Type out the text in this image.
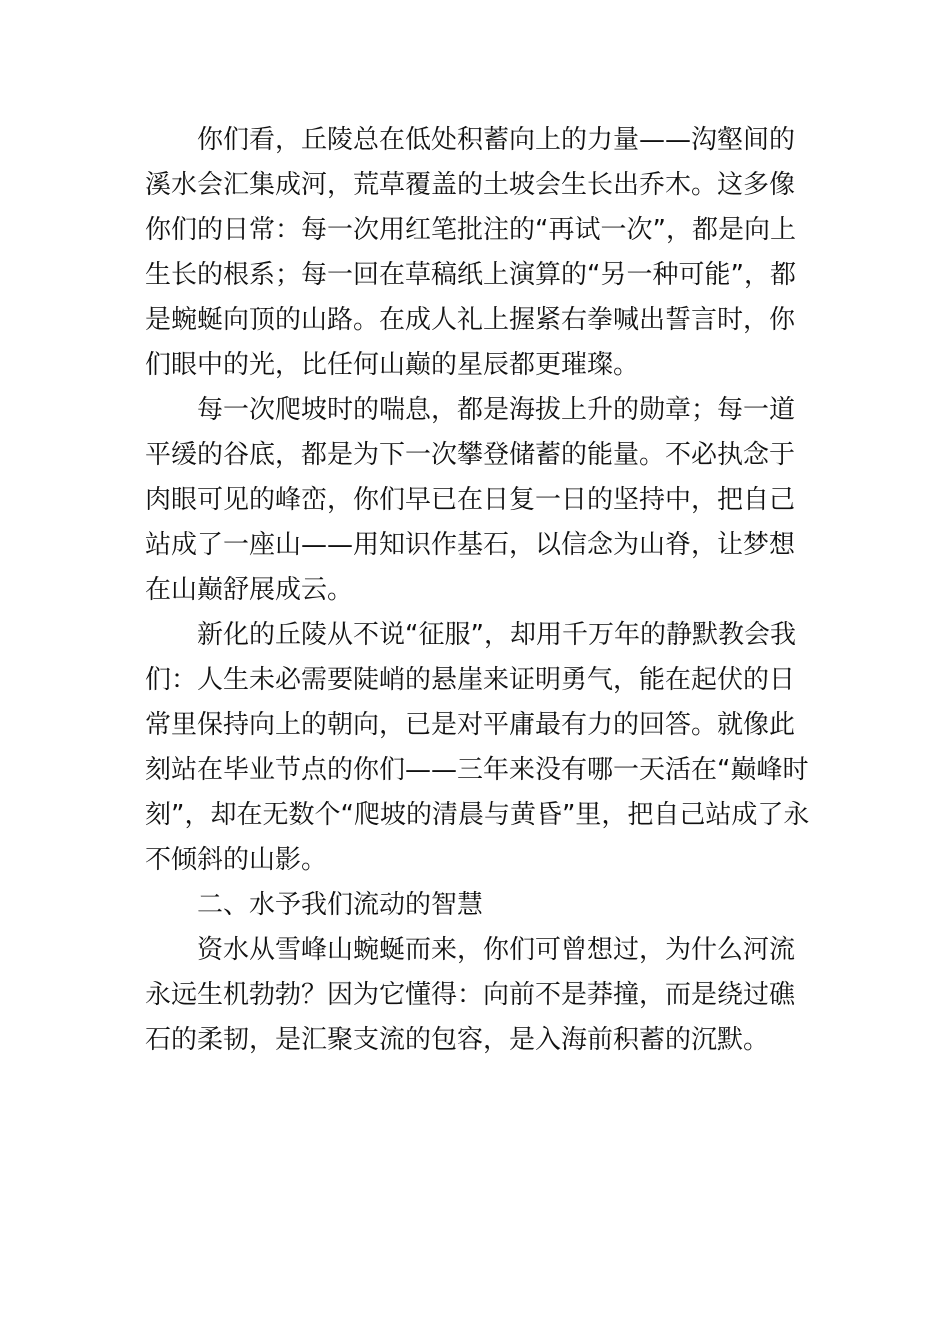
你们看，丘陵总在低处积蓄向上的力量——沟壑间的
溪水会汇集成河，荒草覆盖的土坡会生长出乔木。这多像
你们的日常：每一次用红笔批注的“再试一次”，都是向上
生长的根系；每一回在草稿纸上演算的“另一种可能”，都
是蜿蜒向顶的山路。在成人礼上握紧右拳喊出誓言时，你
们眼中的光，比任何山巅的星辰都更璀璨。
每一次爬坡时的喘息，都是海拔上升的勋章；每一道
平缓的谷底，都是为下一次攀登储蓄的能量。不必执念于
肉眼可见的峰峦，你们早已在日复一日的坚持中，把自己
站成了一座山——用知识作基石，以信念为山脊，让梦想
在山巅舒展成云。
新化的丘陵从不说“征服”，却用千万年的静默教会我
们：人生未必需要陡峭的悬崖来证明勇气，能在起伏的日
常里保持向上的朝向，已是对平庸最有力的回答。就像此
刻站在毕业节点的你们——三年来没有哪一天活在“巅峰时
刻”，却在无数个“爬坡的清晨与黄昏”里，把自己站成了永
不倾斜的山影。
二、水予我们流动的智慧
资水从雪峰山蜿蜒而来，你们可曾想过，为什么河流
永远生机勃勃？因为它懂得：向前不是莽撞，而是绕过礁
石的柔韧，是汇聚支流的包容，是入海前积蓄的沉默。
